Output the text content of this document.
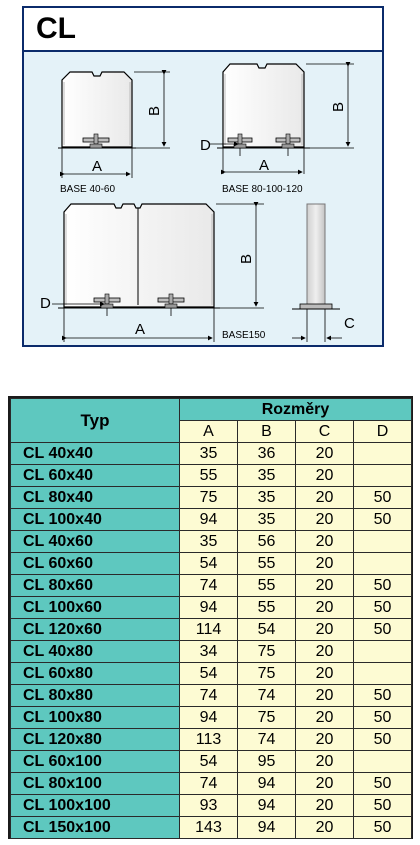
CL
A
B
BASE 40-60
D
A
B
BASE 80-100-120
D
A
B
BASE150
C
Typ	Rozměry			
	A	B	C	D
CL 40x40	35	36	20	
CL 60x40	55	35	20	
CL 80x40	75	35	20	50
CL 100x40	94	35	20	50
CL 40x60	35	56	20	
CL 60x60	54	55	20	
CL 80x60	74	55	20	50
CL 100x60	94	55	20	50
CL 120x60	114	54	20	50
CL 40x80	34	75	20	
CL 60x80	54	75	20	
CL 80x80	74	74	20	50
CL 100x80	94	75	20	50
CL 120x80	113	74	20	50
CL 60x100	54	95	20	
CL 80x100	74	94	20	50
CL 100x100	93	94	20	50
CL 150x100	143	94	20	50
